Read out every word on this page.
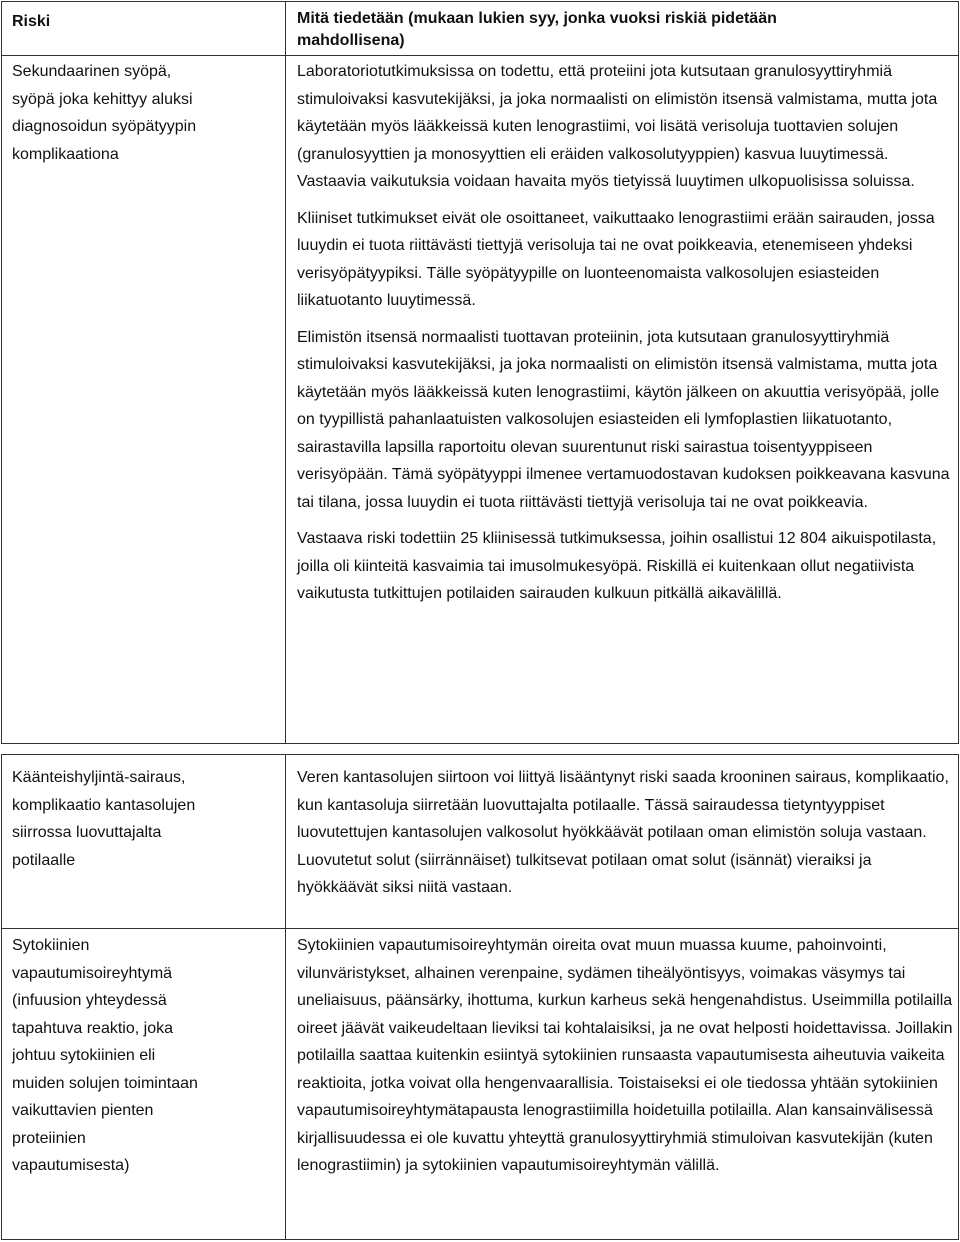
Riski	Mitä tiedetään (mukaan lukien syy, jonka vuoksi riskiä pidetään mahdollisena)
Sekundaarinen syöpä, syöpä joka kehittyy aluksi diagnosoidun syöpätyypin komplikaationa

Laboratoriotutkimuksissa on todettu, että proteiini jota kutsutaan granulosyyttiryhmiä stimuloivaksi kasvutekijäksi, ja joka normaalisti on elimistön itsensä valmistama, mutta jota käytetään myös lääkkeissä kuten lenograstiimi, voi lisätä verisoluja tuottavien solujen (granulosyyttien ja monosyyttien eli eräiden valkosolutyyppien) kasvua luuytimessä. Vastaavia vaikutuksia voidaan havaita myös tietyissä luuytimen ulkopuolisissa soluissa.

Kliiniset tutkimukset eivät ole osoittaneet, vaikuttaako lenograstiimi erään sairauden, jossa luuydin ei tuota riittävästi tiettyjä verisoluja tai ne ovat poikkeavia, etenemiseen yhdeksi verisyöpätyypiksi. Tälle syöpätyypille on luonteenomaista valkosolujen esiasteiden liikatuotanto luuytimessä.

Elimistön itsensä normaalisti tuottavan proteiinin, jota kutsutaan granulosyyttiryhmiä stimuloivaksi kasvutekijäksi, ja joka normaalisti on elimistön itsensä valmistama, mutta jota käytetään myös lääkkeissä kuten lenograstiimi, käytön jälkeen on akuuttia verisyöpää, jolle on tyypillistä pahanlaatuisten valkosolujen esiasteiden eli lymfoplastien liikatuotanto, sairastavilla lapsilla raportoitu olevan suurentunut riski sairastua toisentyyppiseen verisyöpään. Tämä syöpätyyppi ilmenee vertamuodostavan kudoksen poikkeavana kasvuna tai tilana, jossa luuydin ei tuota riittävästi tiettyjä verisoluja tai ne ovat poikkeavia.

Vastaava riski todettiin 25 kliinisessä tutkimuksessa, joihin osallistui 12 804 aikuispotilasta, joilla oli kiinteitä kasvaimia tai imusolmukesyöpä. Riskillä ei kuitenkaan ollut negatiivista vaikutusta tutkittujen potilaiden sairauden kulkuun pitkällä aikavälillä.

Käänteishyljintä-sairaus, komplikaatio kantasolujen siirrossa luovuttajalta potilaalle

Veren kantasolujen siirtoon voi liittyä lisääntynyt riski saada krooninen sairaus, komplikaatio, kun kantasoluja siirretään luovuttajalta potilaalle. Tässä sairaudessa tietyntyyppiset luovutettujen kantasolujen valkosolut hyökkäävät potilaan oman elimistön soluja vastaan. Luovutetut solut (siirrännäiset) tulkitsevat potilaan omat solut (isännät) vieraiksi ja hyökkäävät siksi niitä vastaan.

Sytokiinien vapautumisoireyhtymä (infuusion yhteydessä tapahtuva reaktio, joka johtuu sytokiinien eli muiden solujen toimintaan vaikuttavien pienten proteiinien vapautumisesta)

Sytokiinien vapautumisoireyhtymän oireita ovat muun muassa kuume, pahoinvointi, vilunväristykset, alhainen verenpaine, sydämen tiheälyöntisyys, voimakas väsymys tai uneliaisuus, päänsärky, ihottuma, kurkun karheus sekä hengenahdistus. Useimmilla potilailla oireet jäävät vaikeudeltaan lieviksi tai kohtalaisiksi, ja ne ovat helposti hoidettavissa. Joillakin potilailla saattaa kuitenkin esiintyä sytokiinien runsaasta vapautumisesta aiheutuvia vaikeita reaktioita, jotka voivat olla hengenvaarallisia. Toistaiseksi ei ole tiedossa yhtään sytokiinien vapautumisoireyhtymätapausta lenograstiimilla hoidetuilla potilailla. Alan kansainvälisessä kirjallisuudessa ei ole kuvattu yhteyttä granulosyyttiryhmiä stimuloivan kasvutekijän (kuten lenograstiimin) ja sytokiinien vapautumisoireyhtymän välillä.
